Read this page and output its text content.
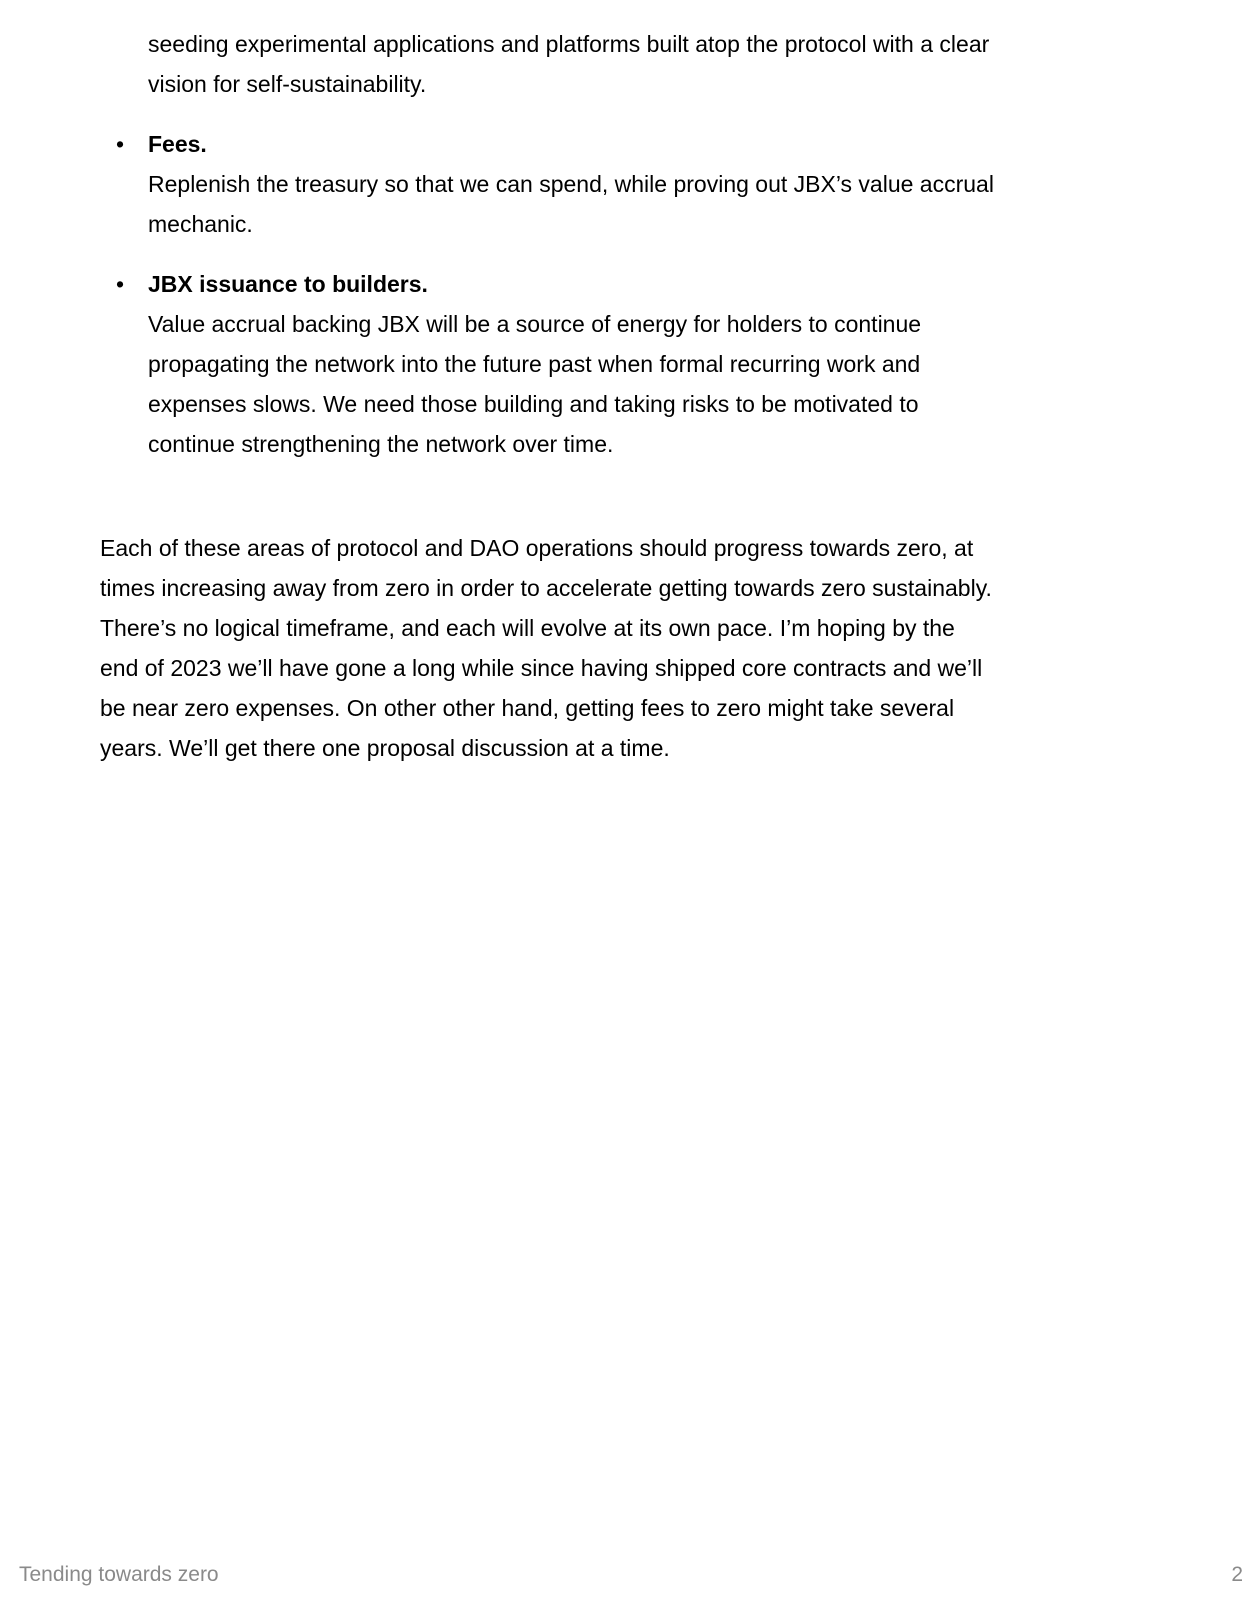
seeding experimental applications and platforms built atop the protocol with a clear
vision for self-sustainability.
• Fees.
Replenish the treasury so that we can spend, while proving out JBX’s value accrual
mechanic.
• JBX issuance to builders.
Value accrual backing JBX will be a source of energy for holders to continue
propagating the network into the future past when formal recurring work and
expenses slows. We need those building and taking risks to be motivated to
continue strengthening the network over time.
Each of these areas of protocol and DAO operations should progress towards zero, at
times increasing away from zero in order to accelerate getting towards zero sustainably.
There’s no logical timeframe, and each will evolve at its own pace. I’m hoping by the
end of 2023 we’ll have gone a long while since having shipped core contracts and we’ll
be near zero expenses. On other other hand, getting fees to zero might take several
years. We’ll get there one proposal discussion at a time.
Tending towards zero	2
